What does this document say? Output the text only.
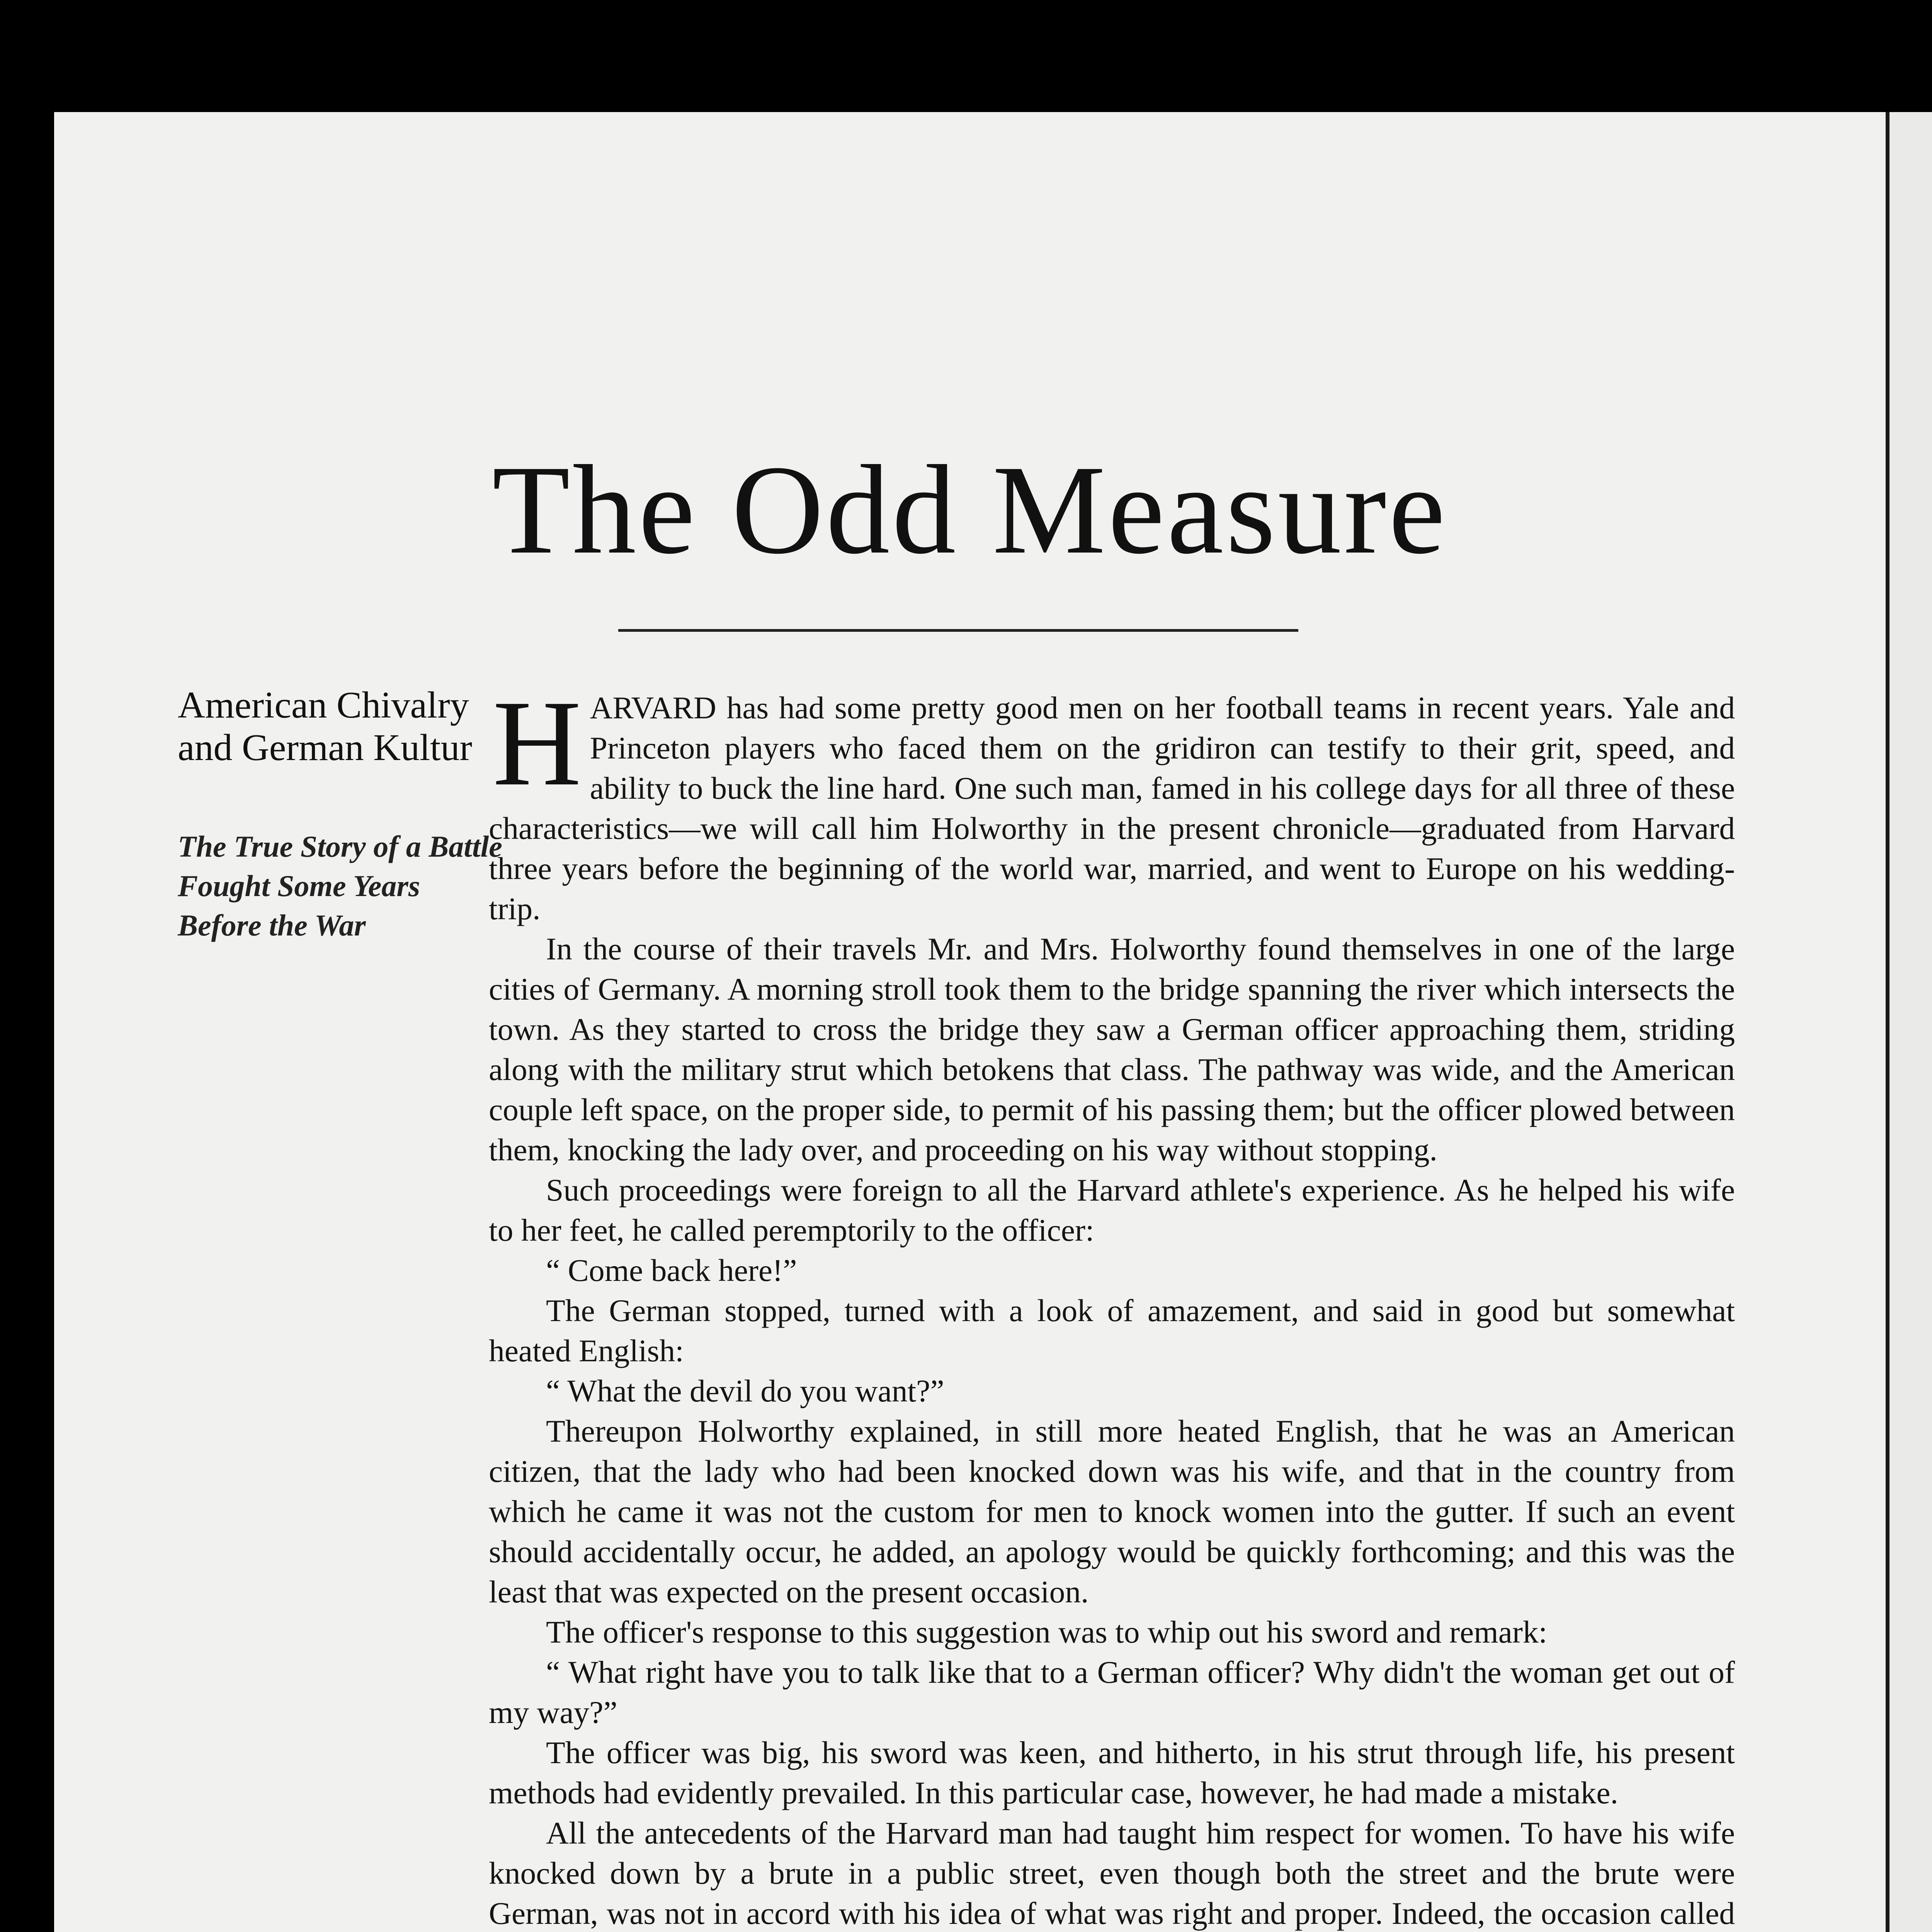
The Odd Measure
American Chivalry and German Kultur
The True Story of a Battle Fought Some Years Before the War

HARVARD has had some pretty good men on her football teams in recent years. Yale and Princeton players who faced them on the gridiron can testify to their grit, speed, and ability to buck the line hard. One such man, famed in his college days for all three of these characteristics—we will call him Holworthy in the present chronicle—graduated from Harvard three years before the beginning of the world war, married, and went to Europe on his wedding-trip.

In the course of their travels Mr. and Mrs. Holworthy found themselves in one of the large cities of Germany. A morning stroll took them to the bridge spanning the river which intersects the town. As they started to cross the bridge they saw a German officer approaching them, striding along with the military strut which betokens that class. The pathway was wide, and the American couple left space, on the proper side, to permit of his passing them; but the officer plowed between them, knocking the lady over, and proceeding on his way without stopping.

Such proceedings were foreign to all the Harvard athlete's experience. As he helped his wife to her feet, he called peremptorily to the officer:

“ Come back here!”

The German stopped, turned with a look of amazement, and said in good but somewhat heated English:

“ What the devil do you want?”

Thereupon Holworthy explained, in still more heated English, that he was an American citizen, that the lady who had been knocked down was his wife, and that in the country from which he came it was not the custom for men to knock women into the gutter. If such an event should accidentally occur, he added, an apology would be quickly forthcoming; and this was the least that was expected on the present occasion.

The officer's response to this suggestion was to whip out his sword and remark:

“ What right have you to talk like that to a German officer? Why didn't the woman get out of my way?”

The officer was big, his sword was keen, and hitherto, in his strut through life, his present methods had evidently prevailed. In this particular case, however, he had made a mistake.

All the antecedents of the Harvard man had taught him respect for women. To have his wife knocked down by a brute in a public street, even though both the street and the brute were German, was not in accord with his idea of what was right and proper. Indeed, the occasion called
